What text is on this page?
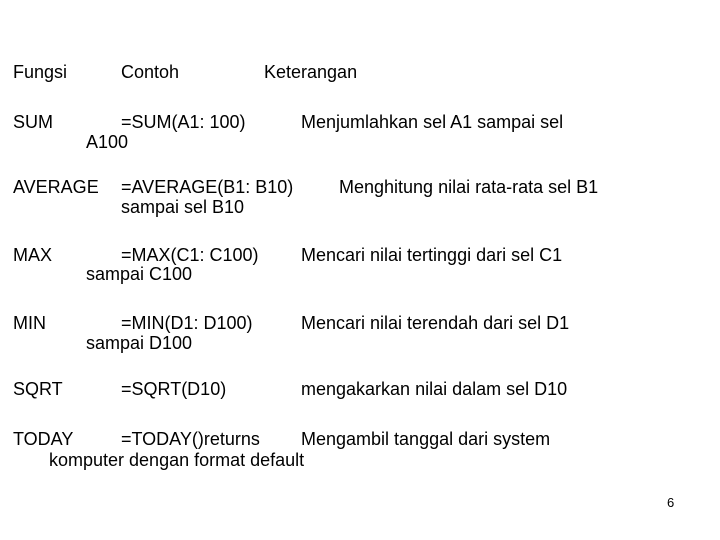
Fungsi	Contoh	Keterangan
SUM	=SUM(A1: 100)	Menjumlahkan sel A1 sampai sel
A100
AVERAGE =AVERAGE(B1: B10)	Menghitung nilai rata-rata sel B1
sampai sel B10
MAX	=MAX(C1: C100) Mencari nilai tertinggi dari sel C1
sampai C100
MIN	=MIN(D1: D100)	Mencari nilai terendah dari sel D1
sampai D100
SQRT	=SQRT(D10)	mengakarkan nilai dalam sel D10
TODAY	=TODAY()returns Mengambil tanggal dari system
komputer dengan format default
6
